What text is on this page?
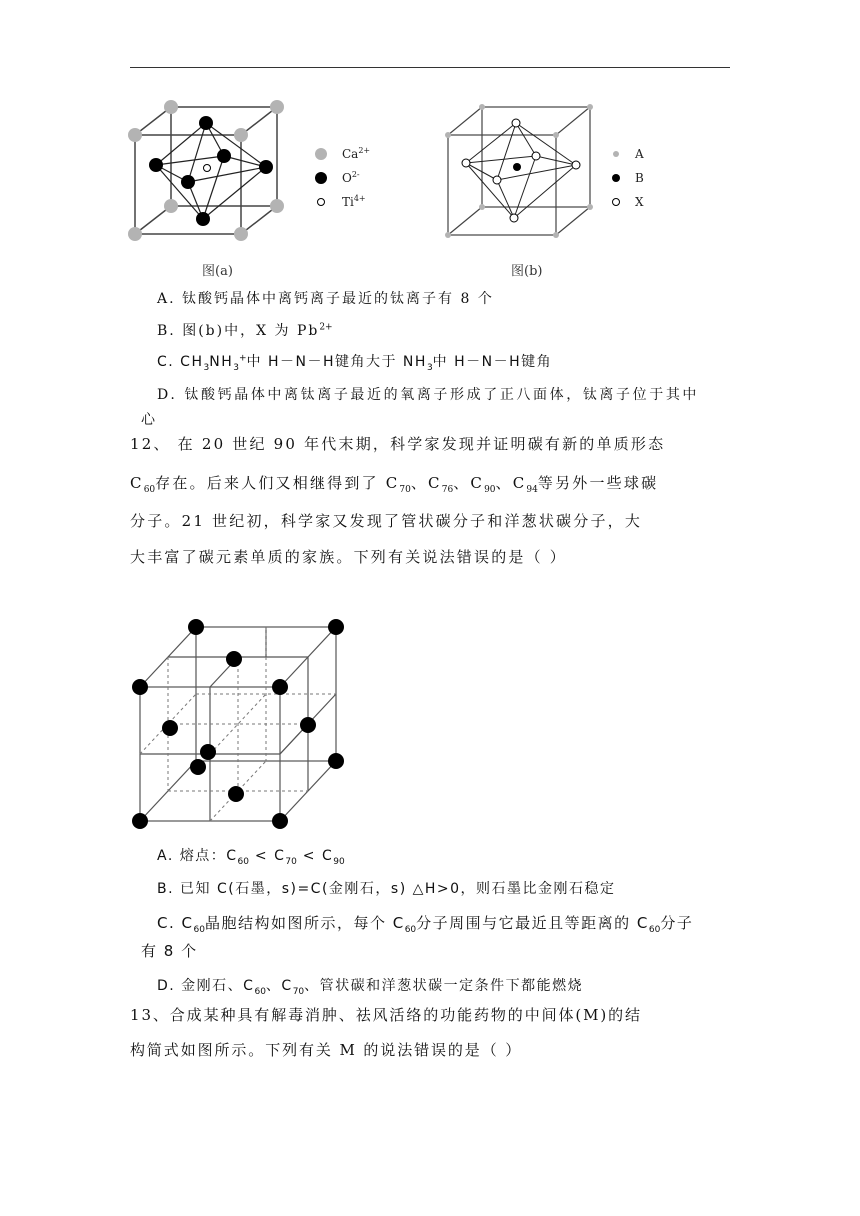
$Ca^{2+}$
$O^{2-}$
$Ti^{4+}$
图(a)
A
B
X
图(b)
A. 钛酸钙晶体中离钙离子最近的钛离子有 8 个
B. 图(b)中，X 为 $Pb^{2+}$
C. $CH_3NH_3^+$中 H－N－H键角大于 $NH_3$中 H－N－H键角
D. 钛酸钙晶体中离钛离子最近的氧离子形成了正八面体，钛离子位于其中
心
12、 在 20 世纪 90 年代末期，科学家发现并证明碳有新的单质形态
$C_{60}$存在。后来人们又相继得到了 $C_{70}$、$C_{76}$、$C_{90}$、$C_{94}$等另外一些球碳
分子。21 世纪初，科学家又发现了管状碳分子和洋葱状碳分子，大
大丰富了碳元素单质的家族。下列有关说法错误的是（ ）
A. 熔点：$C_{60} < C_{70} < C_{90}$
B. 已知 C(石墨，s)=C(金刚石，s) △H>0，则石墨比金刚石稳定
C. $C_{60}$晶胞结构如图所示，每个 $C_{60}$分子周围与它最近且等距离的 $C_{60}$分子
有 8 个
D. 金刚石、$C_{60}$、$C_{70}$、管状碳和洋葱状碳一定条件下都能燃烧
13、合成某种具有解毒消肿、祛风活络的功能药物的中间体(M)的结
构简式如图所示。下列有关 M 的说法错误的是（ ）
